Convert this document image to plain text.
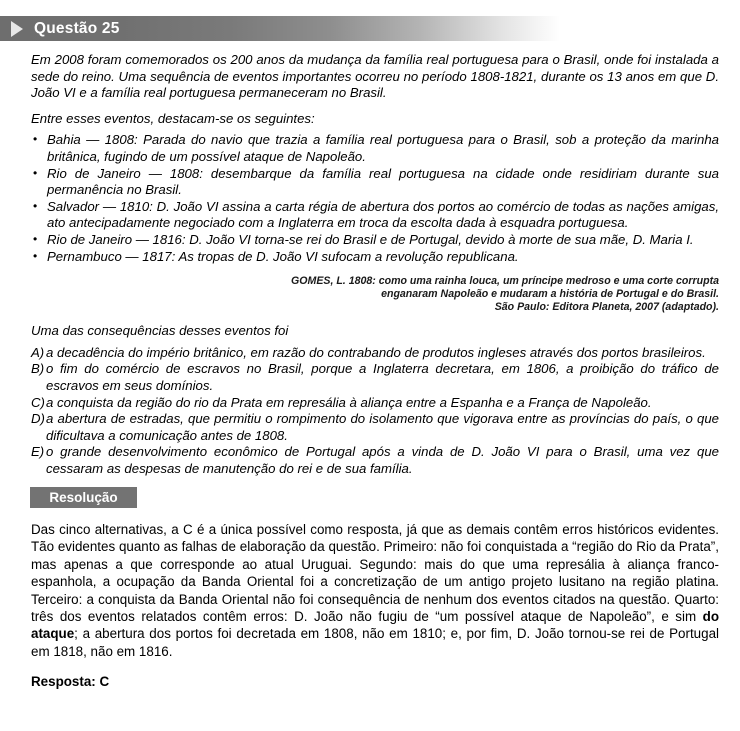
Questão 25

Em 2008 foram comemorados os 200 anos da mudança da família real portuguesa para o Brasil, onde foi instalada a sede do reino. Uma sequência de eventos importantes ocorreu no período 1808-1821, durante os 13 anos em que D. João VI e a família real portuguesa permaneceram no Brasil.

Entre esses eventos, destacam-se os seguintes:

• Bahia — 1808: Parada do navio que trazia a família real portuguesa para o Brasil, sob a proteção da marinha britânica, fugindo de um possível ataque de Napoleão.
• Rio de Janeiro — 1808: desembarque da família real portuguesa na cidade onde residiriam durante sua permanência no Brasil.
• Salvador — 1810: D. João VI assina a carta régia de abertura dos portos ao comércio de todas as nações amigas, ato antecipadamente negociado com a Inglaterra em troca da escolta dada à esquadra portuguesa.
• Rio de Janeiro — 1816: D. João VI torna-se rei do Brasil e de Portugal, devido à morte de sua mãe, D. Maria I.
• Pernambuco — 1817: As tropas de D. João VI sufocam a revolução republicana.
GOMES, L. 1808: como uma rainha louca, um príncipe medroso e uma corte corrupta
enganaram Napoleão e mudaram a história de Portugal e do Brasil.
São Paulo: Editora Planeta, 2007 (adaptado).

Uma das consequências desses eventos foi

A) a decadência do império britânico, em razão do contrabando de produtos ingleses através dos portos brasileiros.
B) o fim do comércio de escravos no Brasil, porque a Inglaterra decretara, em 1806, a proibição do tráfico de escravos em seus domínios.
C) a conquista da região do rio da Prata em represália à aliança entre a Espanha e a França de Napoleão.
D) a abertura de estradas, que permitiu o rompimento do isolamento que vigorava entre as províncias do país, o que dificultava a comunicação antes de 1808.
E) o grande desenvolvimento econômico de Portugal após a vinda de D. João VI para o Brasil, uma vez que cessaram as despesas de manutenção do rei e de sua família.
Resolução

Das cinco alternativas, a C é a única possível como resposta, já que as demais contêm erros históricos evidentes. Tão evidentes quanto as falhas de elaboração da questão. Primeiro: não foi conquistada a “região do Rio da Prata”, mas apenas a que corresponde ao atual Uruguai. Segundo: mais do que uma represália à aliança franco-espanhola, a ocupação da Banda Oriental foi a concretização de um antigo projeto lusitano na região platina. Terceiro: a conquista da Banda Oriental não foi consequência de nenhum dos eventos citados na questão. Quarto: três dos eventos relatados contêm erros: D. João não fugiu de “um possível ataque de Napoleão”, e sim do ataque; a abertura dos portos foi decretada em 1808, não em 1810; e, por fim, D. João tornou-se rei de Portugal em 1818, não em 1816.

Resposta: C
